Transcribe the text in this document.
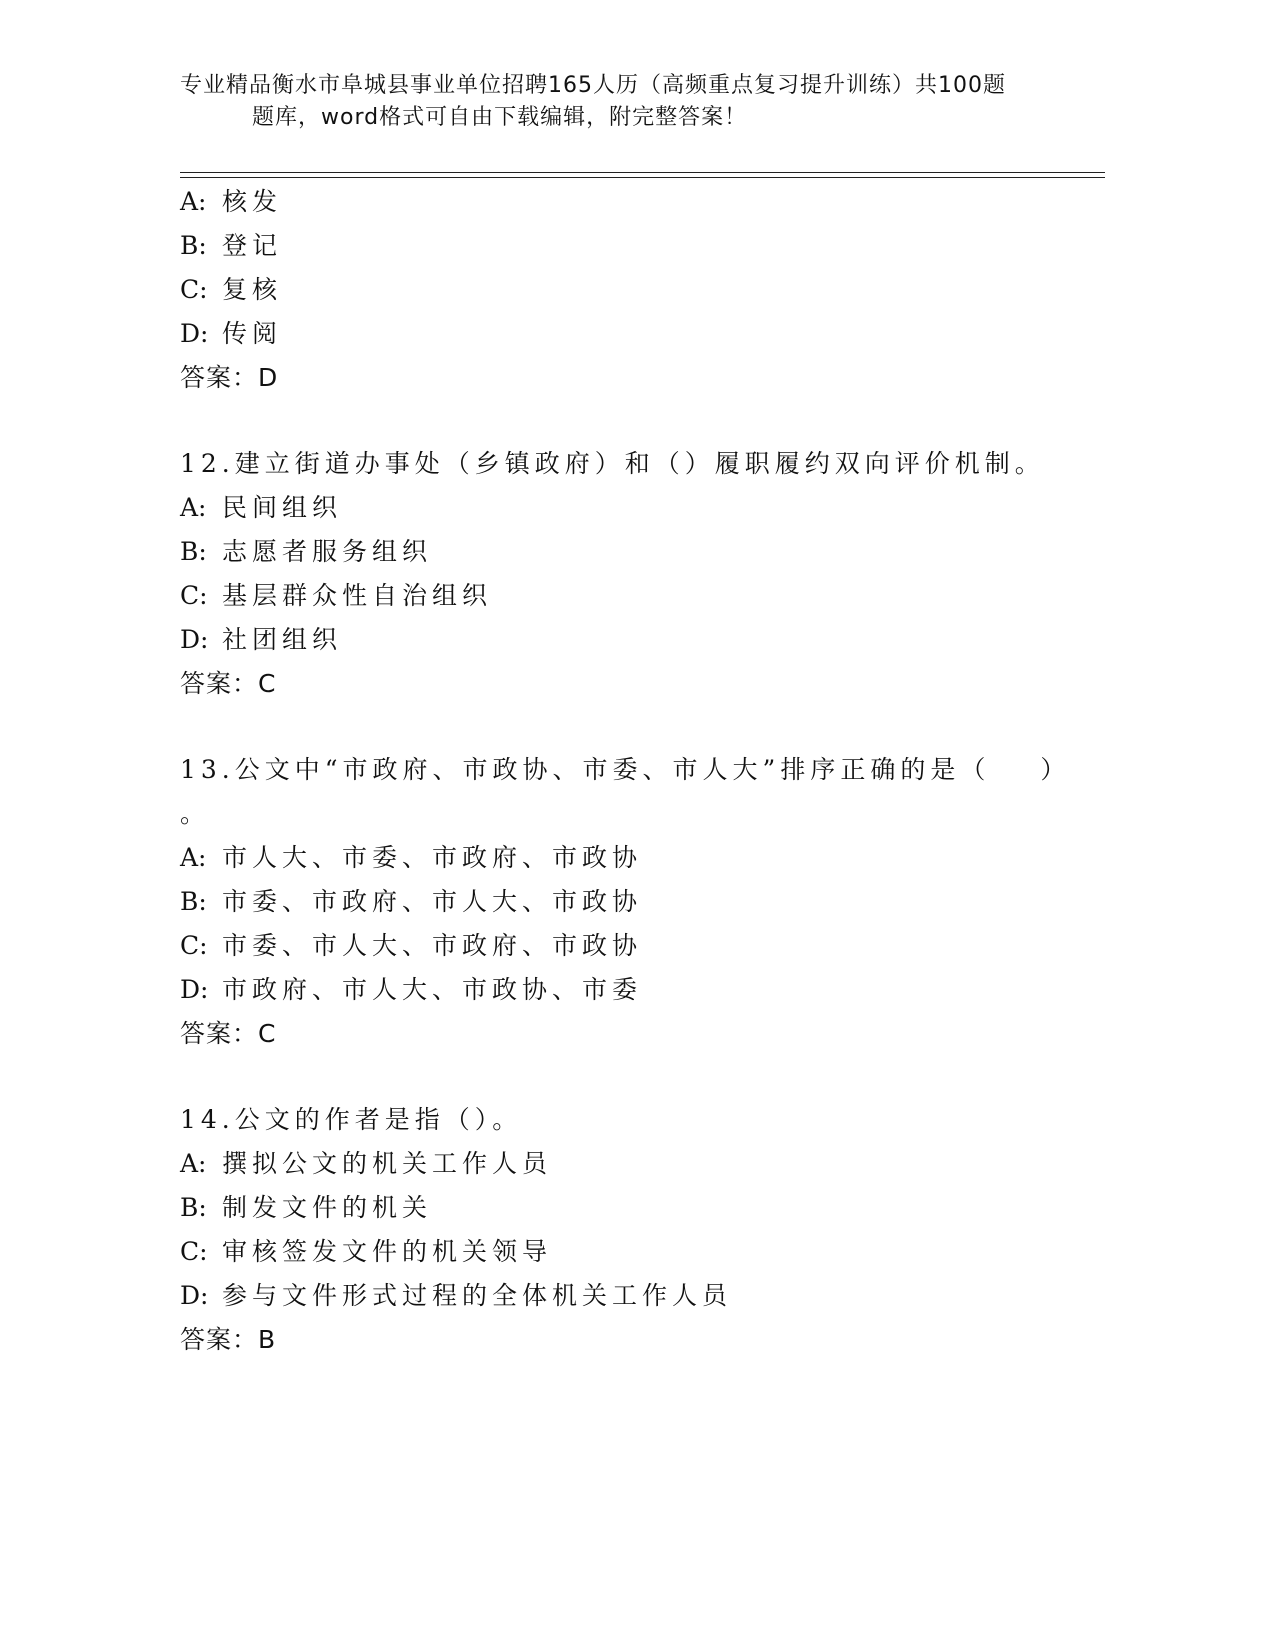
专业精品衡水市阜城县事业单位招聘165人历（高频重点复习提升训练）共100题
题库，word格式可自由下载编辑，附完整答案！
A: 核发
B: 登记
C: 复核
D: 传阅
答案：D
12.建立街道办事处（乡镇政府）和（）履职履约双向评价机制。
A: 民间组织
B: 志愿者服务组织
C: 基层群众性自治组织
D: 社团组织
答案：C
13.公文中“市政府、市政协、市委、市人大”排序正确的是（ ）
。
A: 市人大、市委、市政府、市政协
B: 市委、市政府、市人大、市政协
C: 市委、市人大、市政府、市政协
D: 市政府、市人大、市政协、市委
答案：C
14.公文的作者是指（）。
A: 撰拟公文的机关工作人员
B: 制发文件的机关
C: 审核签发文件的机关领导
D: 参与文件形式过程的全体机关工作人员
答案：B
